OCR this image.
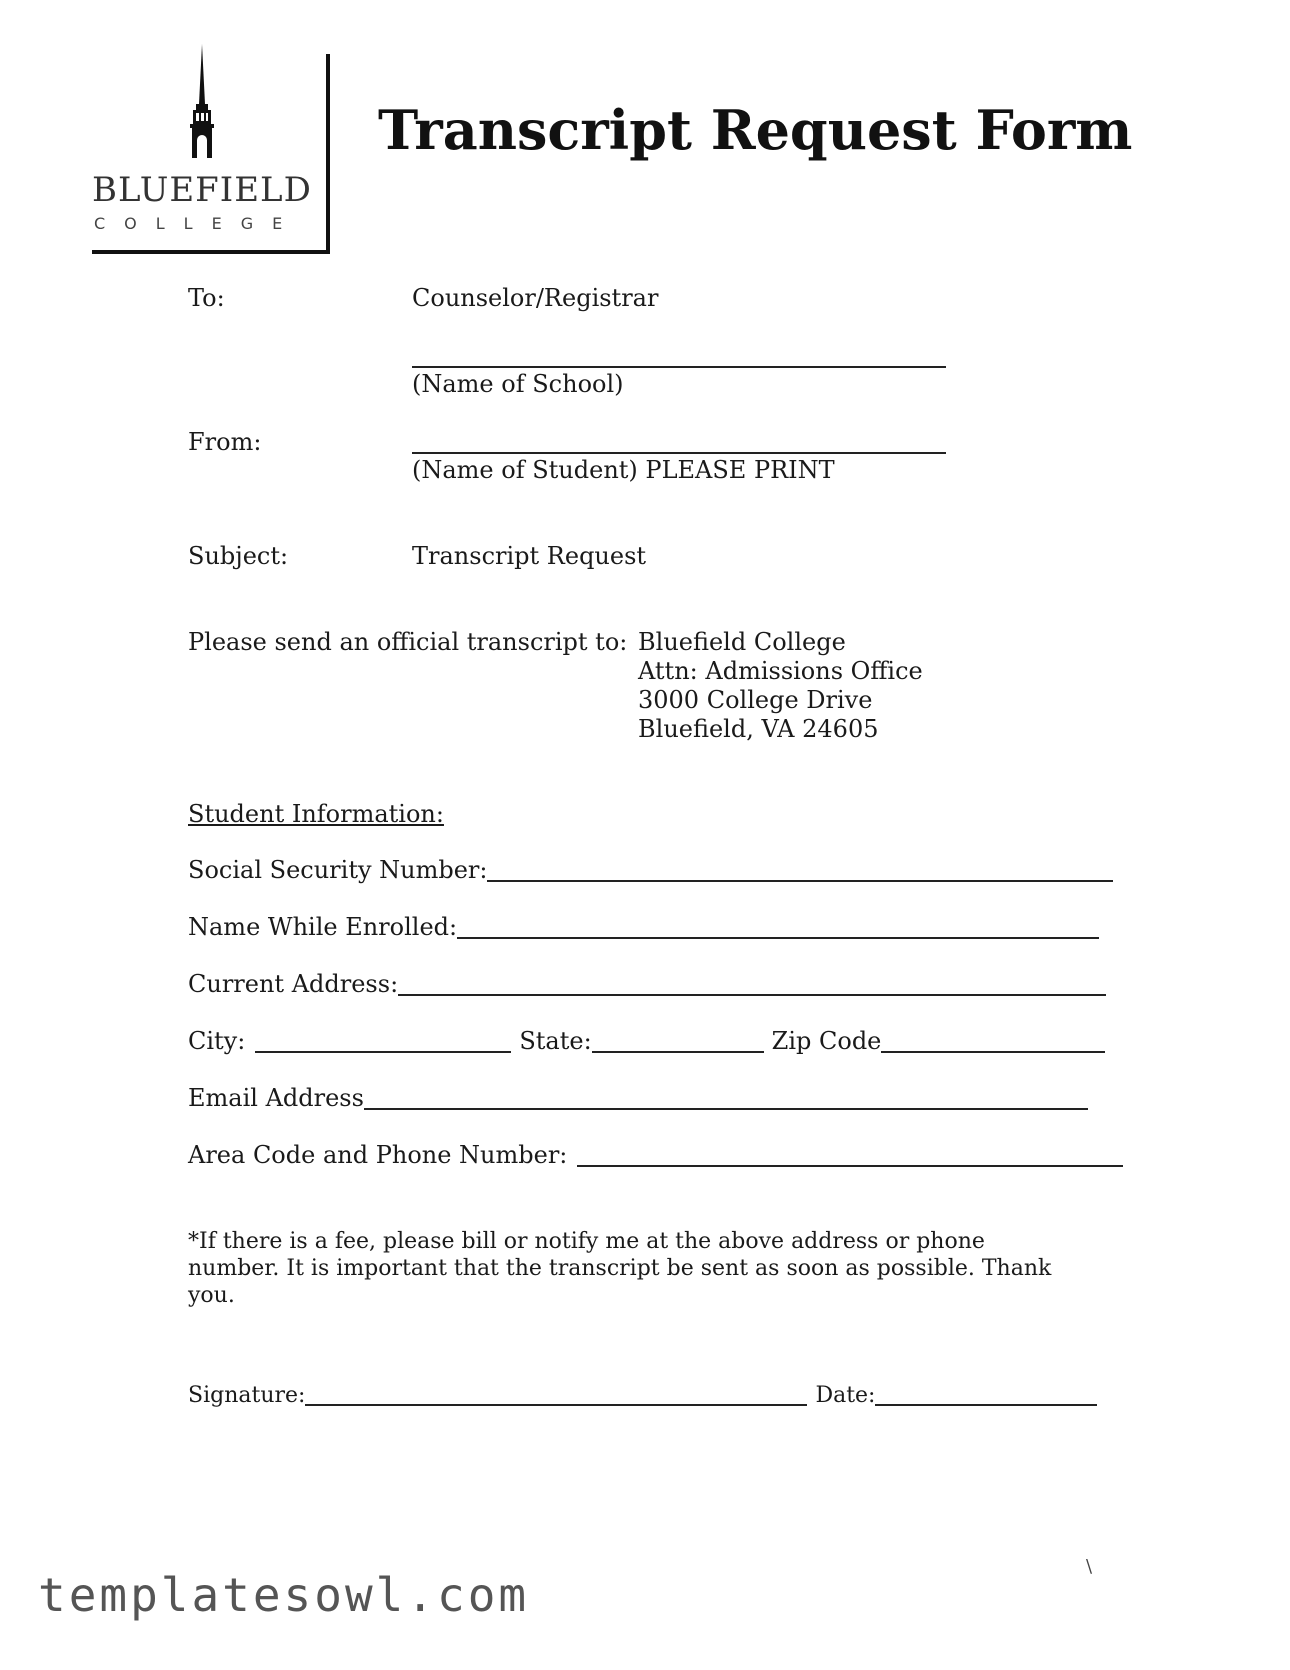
BLUEFIELD
COLLEGE
Transcript Request Form
To:	Counselor/Registrar
(Name of School)
From:
(Name of Student) PLEASE PRINT
Subject:	Transcript Request
Please send an official transcript to: Bluefield College
Attn: Admissions Office
3000 College Drive
Bluefield, VA 24605
Student Information:
Social Security Number:
Name While Enrolled:
Current Address:
City:	State:	Zip Code
Email Address
Area Code and Phone Number:
*If there is a fee, please bill or notify me at the above address or phone number. It is important that the transcript be sent as soon as possible. Thank you.
Signature:	Date:
\
templatesowl.com
